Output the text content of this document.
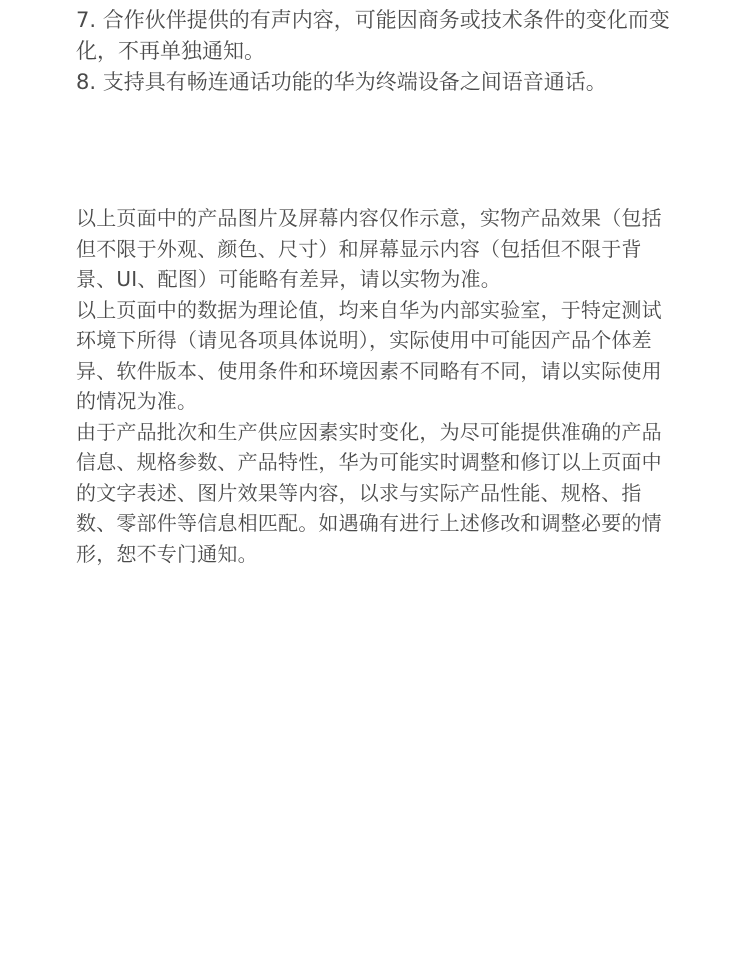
7. 合作伙伴提供的有声内容，可能因商务或技术条件的变化而变化，不再单独通知。
8. 支持具有畅连通话功能的华为终端设备之间语音通话。

以上页面中的产品图片及屏幕内容仅作示意，实物产品效果（包括但不限于外观、颜色、尺寸）和屏幕显示内容（包括但不限于背景、UI、配图）可能略有差异，请以实物为准。

以上页面中的数据为理论值，均来自华为内部实验室，于特定测试环境下所得（请见各项具体说明），实际使用中可能因产品个体差异、软件版本、使用条件和环境因素不同略有不同，请以实际使用的情况为准。

由于产品批次和生产供应因素实时变化，为尽可能提供准确的产品信息、规格参数、产品特性，华为可能实时调整和修订以上页面中的文字表述、图片效果等内容，以求与实际产品性能、规格、指数、零部件等信息相匹配。如遇确有进行上述修改和调整必要的情形，恕不专门通知。
